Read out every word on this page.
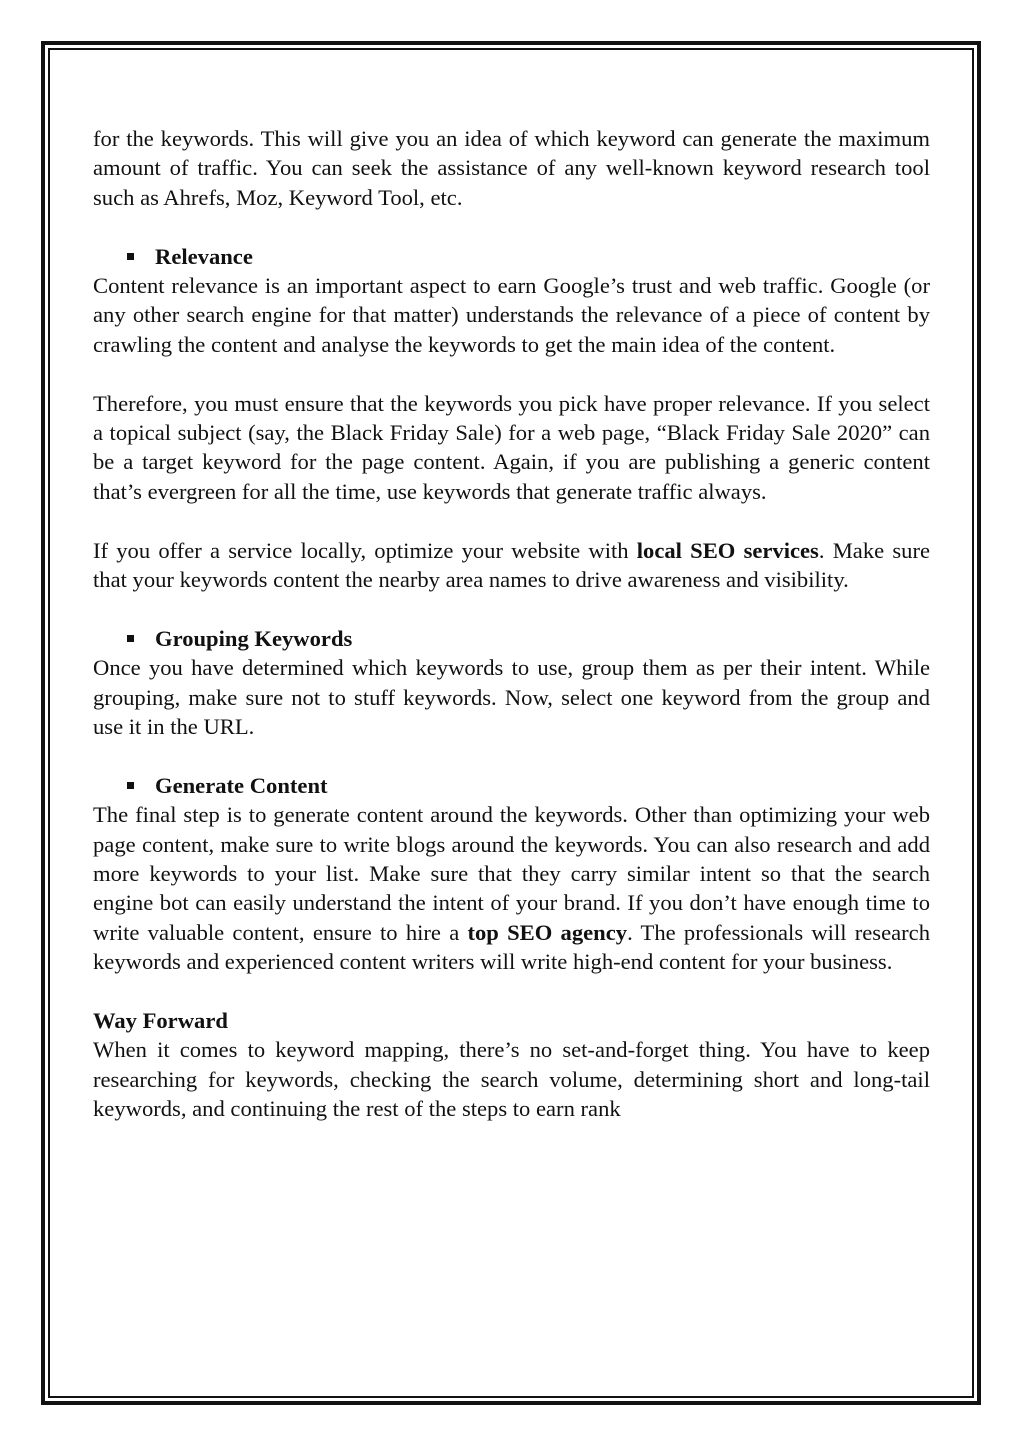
for the keywords. This will give you an idea of which keyword can generate the maximum amount of traffic. You can seek the assistance of any well-known keyword research tool such as Ahrefs, Moz, Keyword Tool, etc.

Relevance

Content relevance is an important aspect to earn Google’s trust and web traffic. Google (or any other search engine for that matter) understands the relevance of a piece of content by crawling the content and analyse the keywords to get the main idea of the content.

Therefore, you must ensure that the keywords you pick have proper relevance. If you select a topical subject (say, the Black Friday Sale) for a web page, “Black Friday Sale 2020” can be a target keyword for the page content. Again, if you are publishing a generic content that’s evergreen for all the time, use keywords that generate traffic always.

If you offer a service locally, optimize your website with local SEO services. Make sure that your keywords content the nearby area names to drive awareness and visibility.

Grouping Keywords

Once you have determined which keywords to use, group them as per their intent. While grouping, make sure not to stuff keywords. Now, select one keyword from the group and use it in the URL.

Generate Content

The final step is to generate content around the keywords. Other than optimizing your web page content, make sure to write blogs around the keywords. You can also research and add more keywords to your list. Make sure that they carry similar intent so that the search engine bot can easily understand the intent of your brand. If you don’t have enough time to write valuable content, ensure to hire a top SEO agency. The professionals will research keywords and experienced content writers will write high-end content for your business.

Way Forward

When it comes to keyword mapping, there’s no set-and-forget thing. You have to keep researching for keywords, checking the search volume, determining short and long-tail keywords, and continuing the rest of the steps to earn rank
